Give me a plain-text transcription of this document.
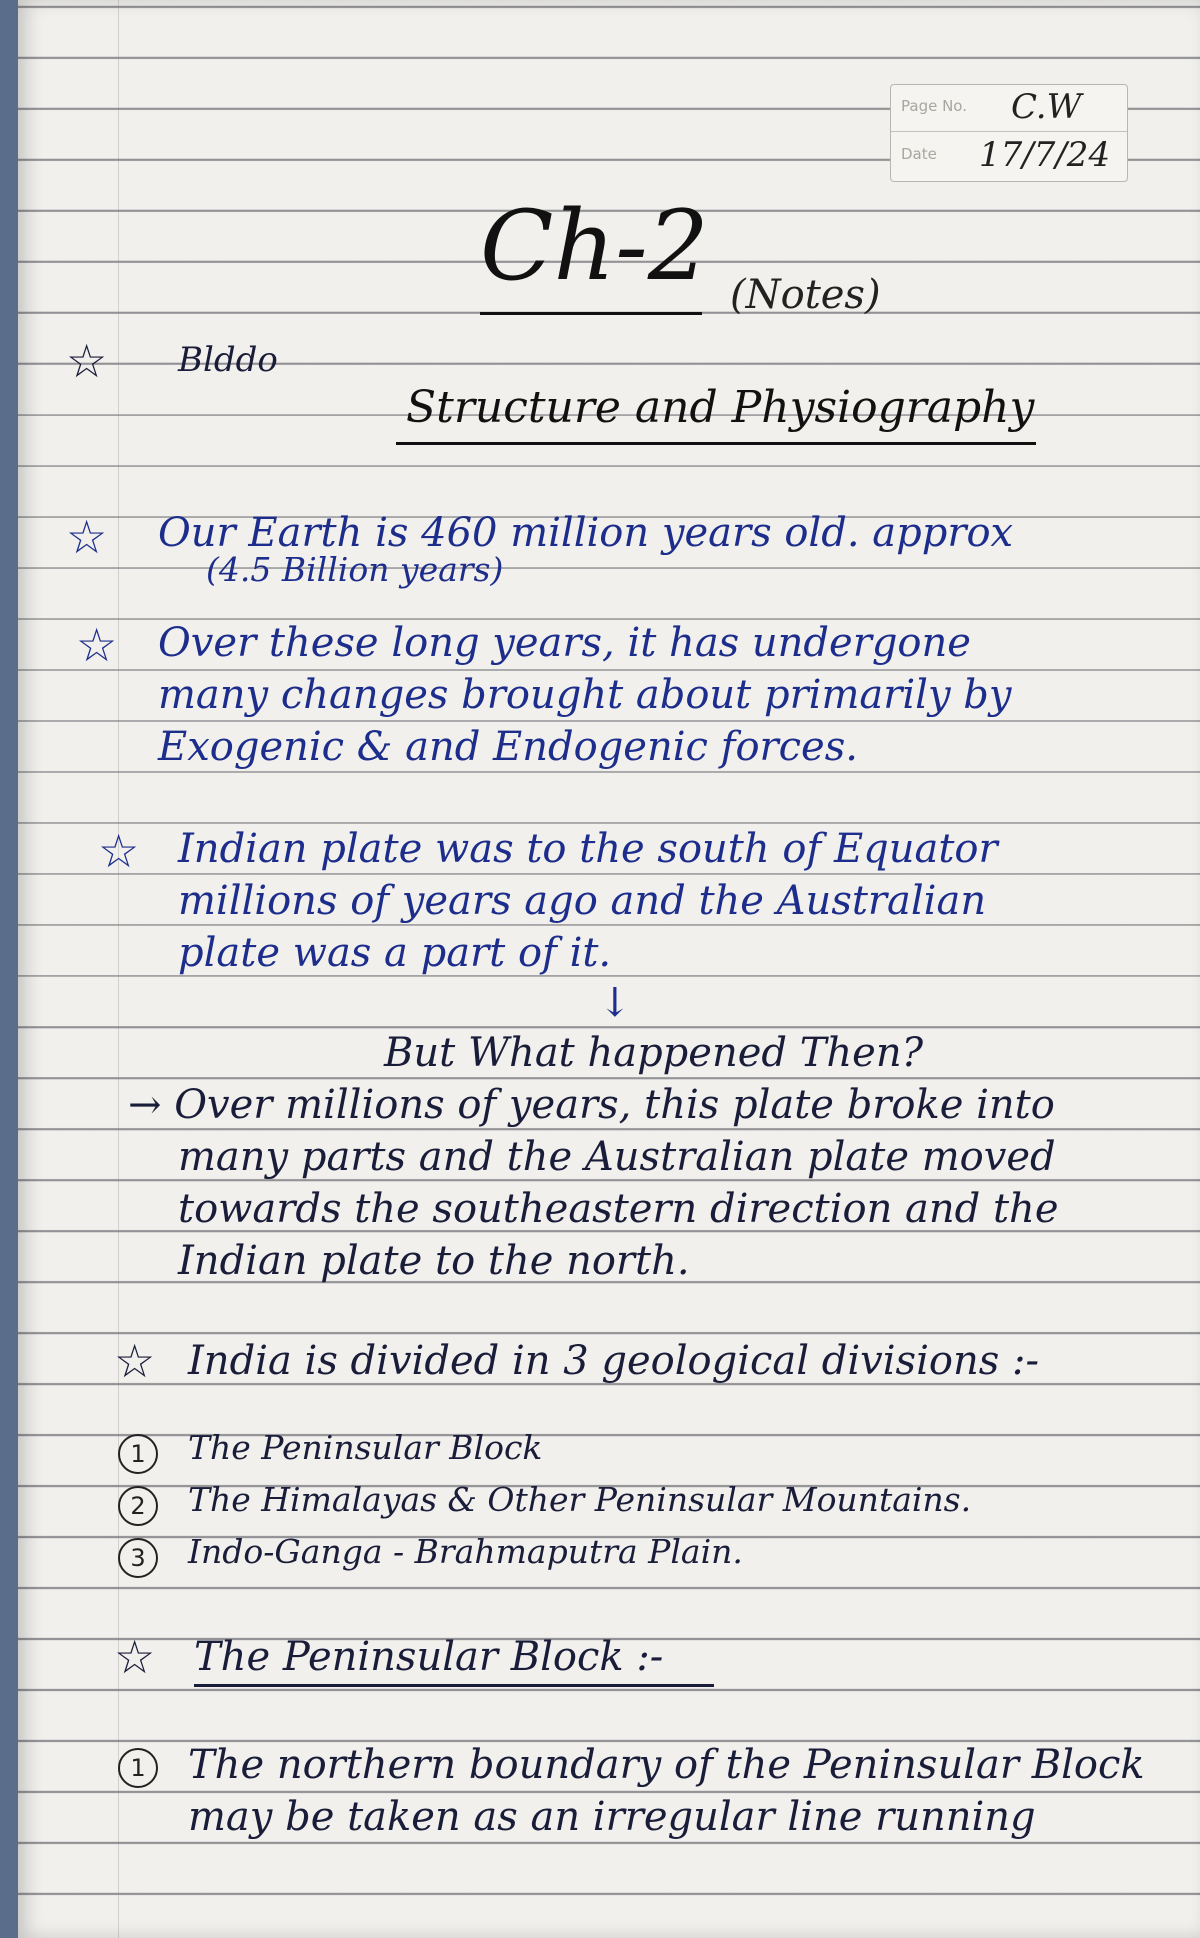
Page No. C.W
Date 17/7/24
Ch-2 (Notes)
☆ Blddo
Structure and Physiography
☆ Our Earth is 460 million years old. approx
(4.5 Billion years)
☆ Over these long years, it has undergone
many changes brought about primarily by
Exogenic & and Endogenic forces.
☆ Indian plate was to the south of Equator
millions of years ago and the Australian
plate was a part of it.
↓
But What happened Then?
→ Over millions of years, this plate broke into
many parts and the Australian plate moved
towards the southeastern direction and the
Indian plate to the north.
☆ India is divided in 3 geological divisions :-
1	The Peninsular Block
2	The Himalayas & Other Peninsular Mountains.
3	Indo-Ganga - Brahmaputra Plain.
☆ The Peninsular Block :-
1	The northern boundary of the Peninsular Block
may be taken as an irregular line running
